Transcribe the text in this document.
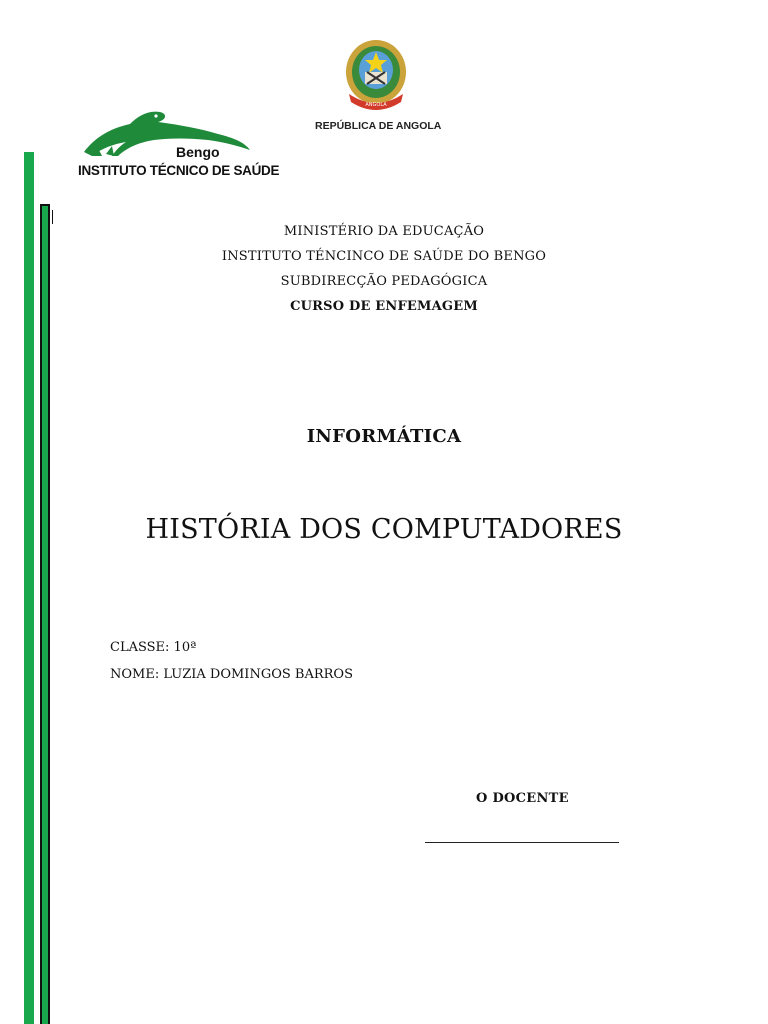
Bengo
INSTITUTO TÉCNICO DE SAÚDE
ANGOLA
REPÚBLICA DE ANGOLA
MINISTÉRIO DA EDUCAÇÃO
INSTITUTO TÉNCINCO DE SAÚDE DO BENGO
SUBDIRECÇÃO PEDAGÓGICA
CURSO DE ENFEMAGEM
INFORMÁTICA
HISTÓRIA DOS COMPUTADORES
CLASSE: 10ª
NOME: LUZIA DOMINGOS BARROS
O DOCENTE
